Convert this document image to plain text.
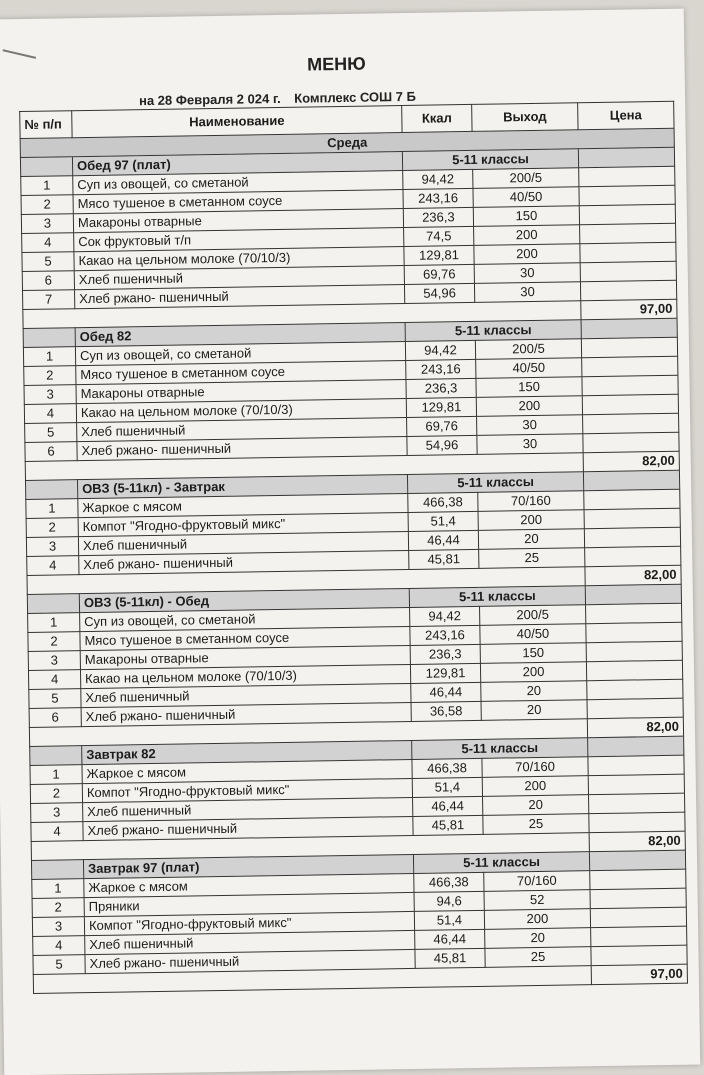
МЕНЮ
на 28 Февраля 2 024 г. Комплекс СОШ 7 Б
№ п/п	Наименование	Ккал	Выход	Цена
Среда				
	Обед 97 (плат)	5-11 классы		
1	Суп из овощей, со сметаной	94,42	200/5	
2	Мясо тушеное в сметанном соусе	243,16	40/50	
3	Макароны отварные	236,3	150	
4	Сок фруктовый т/п	74,5	200	
5	Какао на цельном молоке (70/10/3)	129,81	200	
6	Хлеб пшеничный	69,76	30	
7	Хлеб ржано- пшеничный	54,96	30	
				97,00
	Обед 82	5-11 классы		
1	Суп из овощей, со сметаной	94,42	200/5	
2	Мясо тушеное в сметанном соусе	243,16	40/50	
3	Макароны отварные	236,3	150	
4	Какао на цельном молоке (70/10/3)	129,81	200	
5	Хлеб пшеничный	69,76	30	
6	Хлеб ржано- пшеничный	54,96	30	
				82,00
	ОВЗ (5-11кл) - Завтрак	5-11 классы		
1	Жаркое с мясом	466,38	70/160	
2	Компот "Ягодно-фруктовый микс"	51,4	200	
3	Хлеб пшеничный	46,44	20	
4	Хлеб ржано- пшеничный	45,81	25	
				82,00
	ОВЗ (5-11кл) - Обед	5-11 классы		
1	Суп из овощей, со сметаной	94,42	200/5	
2	Мясо тушеное в сметанном соусе	243,16	40/50	
3	Макароны отварные	236,3	150	
4	Какао на цельном молоке (70/10/3)	129,81	200	
5	Хлеб пшеничный	46,44	20	
6	Хлеб ржано- пшеничный	36,58	20	
				82,00
	Завтрак 82	5-11 классы		
1	Жаркое с мясом	466,38	70/160	
2	Компот "Ягодно-фруктовый микс"	51,4	200	
3	Хлеб пшеничный	46,44	20	
4	Хлеб ржано- пшеничный	45,81	25	
				82,00
	Завтрак 97 (плат)	5-11 классы		
1	Жаркое с мясом	466,38	70/160	
2	Пряники	94,6	52	
3	Компот "Ягодно-фруктовый микс"	51,4	200	
4	Хлеб пшеничный	46,44	20	
5	Хлеб ржано- пшеничный	45,81	25	
				97,00
